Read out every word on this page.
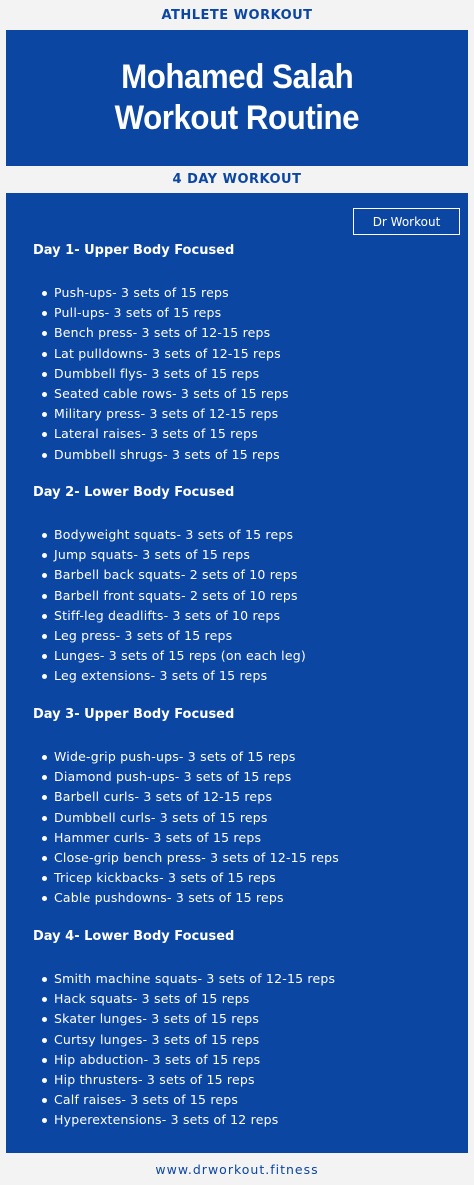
ATHLETE WORKOUT
Mohamed Salah
Workout Routine
4 DAY WORKOUT
Dr Workout
Day 1- Upper Body Focused
Push-ups- 3 sets of 15 reps
Pull-ups- 3 sets of 15 reps
Bench press- 3 sets of 12-15 reps
Lat pulldowns- 3 sets of 12-15 reps
Dumbbell flys- 3 sets of 15 reps
Seated cable rows- 3 sets of 15 reps
Military press- 3 sets of 12-15 reps
Lateral raises- 3 sets of 15 reps
Dumbbell shrugs- 3 sets of 15 reps
Day 2- Lower Body Focused
Bodyweight squats- 3 sets of 15 reps
Jump squats- 3 sets of 15 reps
Barbell back squats- 2 sets of 10 reps
Barbell front squats- 2 sets of 10 reps
Stiff-leg deadlifts- 3 sets of 10 reps
Leg press- 3 sets of 15 reps
Lunges- 3 sets of 15 reps (on each leg)
Leg extensions- 3 sets of 15 reps
Day 3- Upper Body Focused
Wide-grip push-ups- 3 sets of 15 reps
Diamond push-ups- 3 sets of 15 reps
Barbell curls- 3 sets of 12-15 reps
Dumbbell curls- 3 sets of 15 reps
Hammer curls- 3 sets of 15 reps
Close-grip bench press- 3 sets of 12-15 reps
Tricep kickbacks- 3 sets of 15 reps
Cable pushdowns- 3 sets of 15 reps
Day 4- Lower Body Focused
Smith machine squats- 3 sets of 12-15 reps
Hack squats- 3 sets of 15 reps
Skater lunges- 3 sets of 15 reps
Curtsy lunges- 3 sets of 15 reps
Hip abduction- 3 sets of 15 reps
Hip thrusters- 3 sets of 15 reps
Calf raises- 3 sets of 15 reps
Hyperextensions- 3 sets of 12 reps
www.drworkout.fitness
